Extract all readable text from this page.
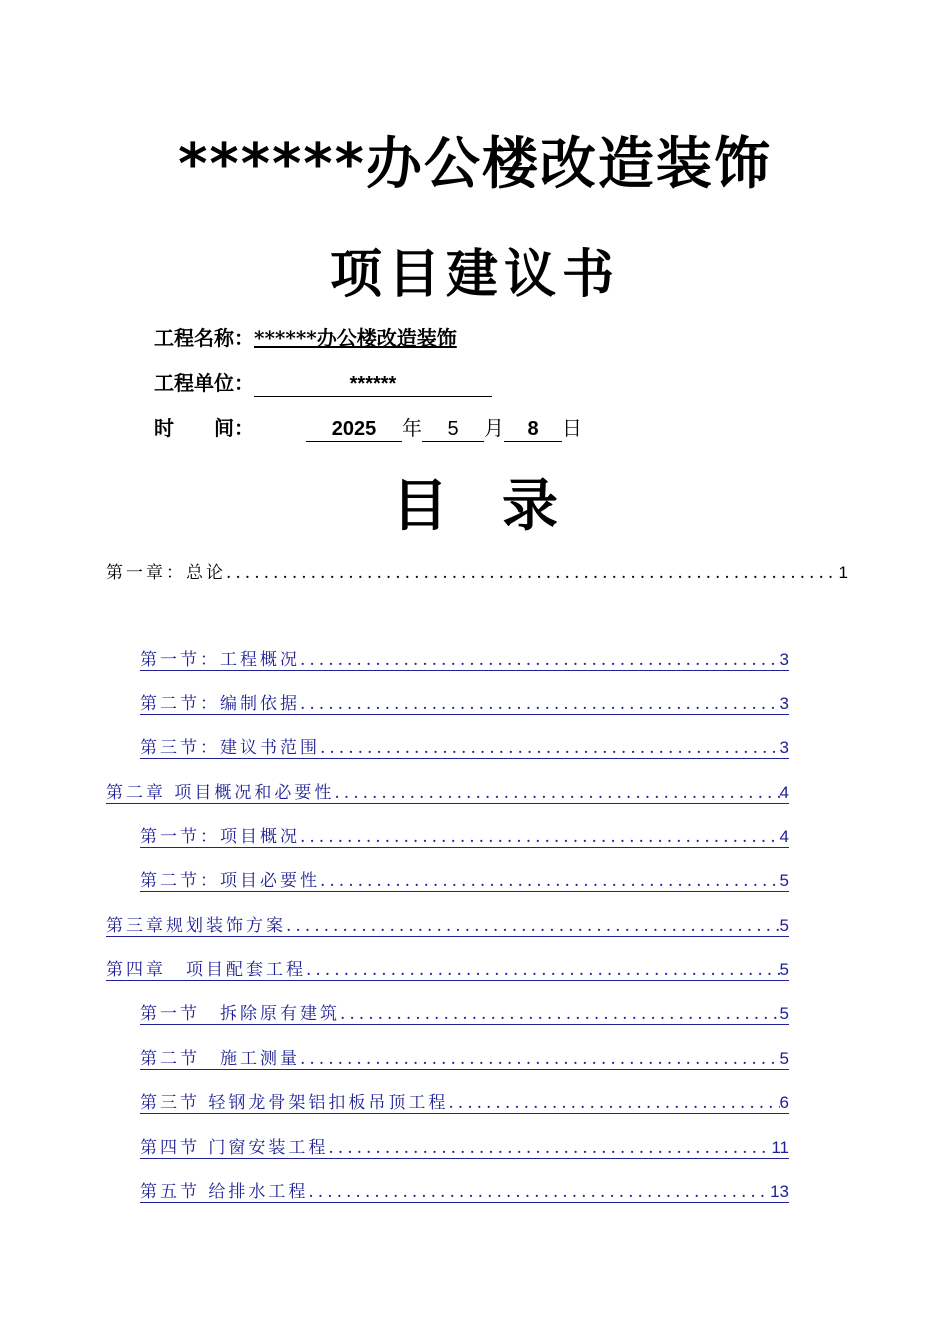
******办公楼改造装饰
项目建议书
工程名称：******办公楼改造装饰
工程单位：	******
时　　间：	2025 年 5 月 8 日
目 录
第一章：总论 .....	1
第一节：工程概况 .....	3
第二节：编制依据 .....	3
第三节：建议书范围 .....	3
第二章 项目概况和必要性 .....	4
第一节：项目概况 .....	4
第二节：项目必要性 .....	5
第三章规划装饰方案 .....	5
第四章　项目配套工程 .....	5
第一节　拆除原有建筑 .....	5
第二节　施工测量 .....	5
第三节 轻钢龙骨架铝扣板吊顶工程 .....	6
第四节 门窗安装工程 .....	11
第五节 给排水工程 .....	13
